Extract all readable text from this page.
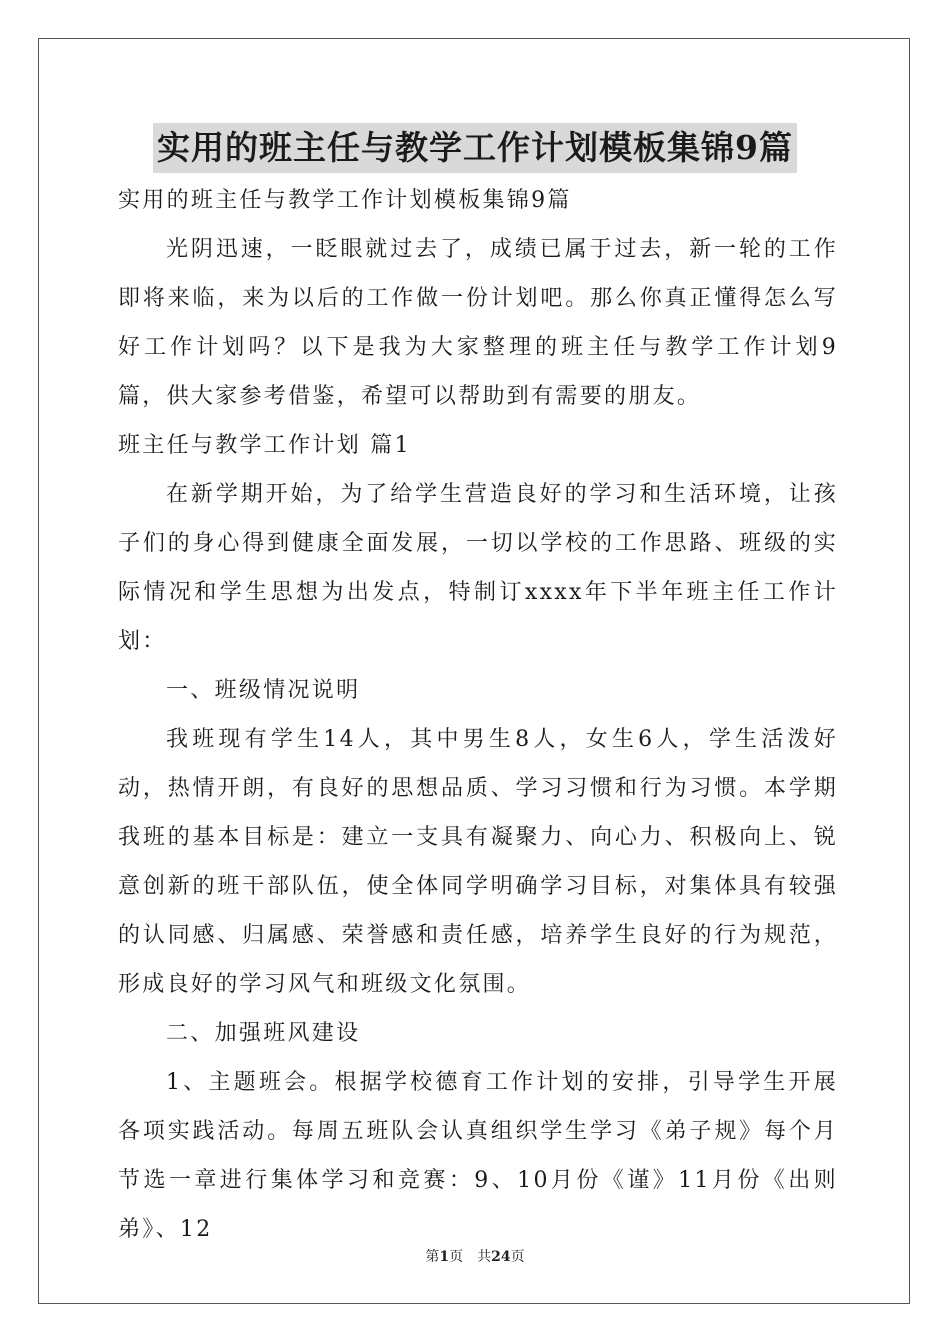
实用的班主任与教学工作计划模板集锦9篇

实用的班主任与教学工作计划模板集锦9篇

光阴迅速，一眨眼就过去了，成绩已属于过去，新一轮的工作即将来临，来为以后的工作做一份计划吧。那么你真正懂得怎么写好工作计划吗？以下是我为大家整理的班主任与教学工作计划9篇，供大家参考借鉴，希望可以帮助到有需要的朋友。

班主任与教学工作计划 篇1

在新学期开始，为了给学生营造良好的学习和生活环境，让孩子们的身心得到健康全面发展，一切以学校的工作思路、班级的实际情况和学生思想为出发点，特制订xxxx年下半年班主任工作计划：

一、班级情况说明

我班现有学生14人，其中男生8人，女生6人，学生活泼好动，热情开朗，有良好的思想品质、学习习惯和行为习惯。本学期我班的基本目标是：建立一支具有凝聚力、向心力、积极向上、锐意创新的班干部队伍，使全体同学明确学习目标，对集体具有较强的认同感、归属感、荣誉感和责任感，培养学生良好的行为规范，形成良好的学习风气和班级文化氛围。

二、加强班风建设

1、主题班会。根据学校德育工作计划的安排，引导学生开展各项实践活动。每周五班队会认真组织学生学习《弟子规》每个月节选一章进行集体学习和竞赛：9、10月份《谨》11月份《出则弟》、12

第1页　共24页
